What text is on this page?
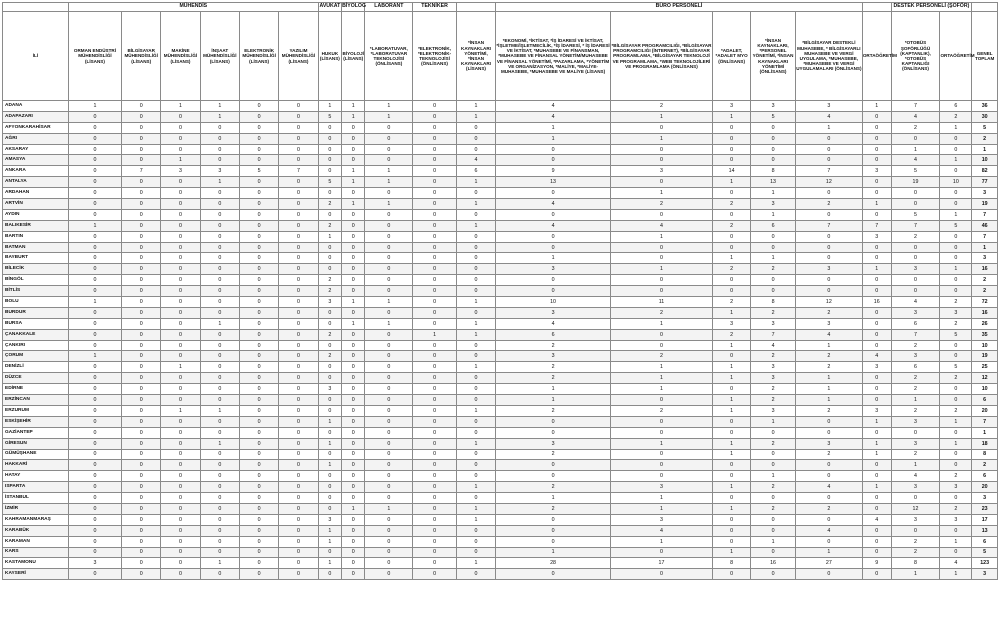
	MÜHENDİS						AVUKAT	BİYOLOG	LABORANT	TEKNİKER		BÜRO PERSONELİ						DESTEK PERSONELİ (ŞOFÖR)		
İLİ	ORMAN ENDÜSTRİ MÜHENDİSLİĞİ (LİSANS)	BİLGİSAYAR MÜHENDİSLİĞİ (LİSANS)	MAKİNE MÜHENDİSLİĞİ (LİSANS)	İNŞAAT MÜHENDİSLİĞİ (LİSANS)	ELEKTRONİK MÜHENDİSLİĞİ (LİSANS)	YAZILIM MÜHENDİSLİĞİ (LİSANS)	HUKUK (LİSANS)	BİYOLOJİ (LİSANS)	*LABORATUVAR, *LABORATUVAR TEKNOLOJİSİ (ÖNLİSANS)	*ELEKTRONİK, *ELEKTRONİK-TEKNOLOJİSİ (ÖNLİSANS)	*İNSAN KAYNAKLARI YÖNETİMİ, *İNSAN KAYNAKLARI (LİSANS)	*EKONOMİ, *İKTİSAT, *İŞ İDARESİ VE İKTİSAT, *İŞLETME/İŞLETMECİLİK, *İŞ İDARESİ, * İŞ İDARESİ VE İKTİSAT, *MUHASEBE VE FİNANSMAN, *MUHASEBE VE FİNANSAL YÖNETİM/MUHASEBE VE FİNANSAL YÖNETİMİ, *PAZARLAMA, *YÖNETİM VE ORGANİZASYON, *MALİYE, *MALİYE-MUHASEBE, *MUHASEBE VE MALİYE (LİSANS)	*BİLGİSAYAR PROGRAMCILIĞI, *BİLGİSAYAR PROGRAMCILIĞI (İNTERNET), *BİLGİSAYAR PROGRAMLAMA, *BİLGİSAYAR TEKNOLOJİ VE PROGRAMLAMA, *WEB TEKNOLOJİLERİ VE PROGRAMLAMA (ÖNLİSANS)	*ADALET, *ADALET MYO (ÖNLİSANS)	*İNSAN KAYNAKLARI, *PERSONEL YÖNETİMİ, *İNSAN KAYNAKLARI YÖNETİMİ (ÖNLİSANS)	*BİLGİSAYAR DESTEKLİ MUHASEBE, * BİLGİSAYARLI MUHASEBE VE VERGİ UYGULAMA, *MUHASEBE, *MUHASEBE VE VERGİ UYGULAMALARI (ÖNLİSANS)	ORTAÖĞRETİM	*OTOBÜS ŞOFÖRLÜĞÜ (KAPTANLIK), *OTOBÜS KAPTANLIĞI (ÖNLİSANS)	ORTAÖĞRETİM	GENEL TOPLAM
ADANA	1	0	1	1	0	0	1	1	1	0	1	4	2	3	3	3	1	7	6	36
ADAPAZARI	0	0	0	1	0	0	5	1	1	0	1	4	1	1	5	4	0	4	2	30
AFYONKARAHİSAR	0	0	0	0	0	0	0	0	0	0	0	1	0	0	0	1	0	2	1	5
AĞRI	0	0	0	0	0	0	0	0	0	0	0	1	1	0	0	0	0	0	0	2
AKSARAY	0	0	0	0	0	0	0	0	0	0	0	0	0	0	0	0	0	1	0	1
AMASYA	0	0	1	0	0	0	0	0	0	0	4	0	0	0	0	0	0	4	1	10
ANKARA	0	7	3	3	5	7	0	1	1	0	6	9	3	14	8	7	3	5	0	82
ANTALYA	0	0	0	1	0	0	5	1	1	0	1	13	0	1	13	12	0	19	10	77
ARDAHAN	0	0	0	0	0	0	0	0	0	0	0	0	1	0	1	0	0	0	0	3
ARTVİN	0	0	0	0	0	0	2	1	1	0	1	4	2	2	3	2	1	0	0	19
AYDIN	0	0	0	0	0	0	0	0	0	0	0	0	0	0	1	0	0	5	1	7
BALIKESİR	1	0	0	0	0	0	2	0	0	0	1	4	4	2	6	7	7	7	5	46
BARTIN	0	0	0	0	0	0	1	0	0	0	0	0	1	0	0	0	3	2	0	7
BATMAN	0	0	0	0	0	0	0	0	0	0	0	0	0	0	0	0	0	0	0	1
BAYBURT	0	0	0	0	0	0	0	0	0	0	0	1	0	1	1	0	0	0	0	3
BİLECİK	0	0	0	0	0	0	0	0	0	0	0	3	1	2	2	3	1	3	1	16
BİNGÖL	0	0	0	0	0	0	2	0	0	0	0	0	0	0	0	0	0	0	0	2
BİTLİS	0	0	0	0	0	0	2	0	0	0	0	0	0	0	0	0	0	0	0	2
BOLU	1	0	0	0	0	0	3	1	1	0	1	10	11	2	8	12	16	4	2	72
BURDUR	0	0	0	0	0	0	0	0	0	0	0	3	2	1	2	2	0	3	3	16
BURSA	0	0	0	1	0	0	0	1	1	0	1	4	1	3	3	3	0	6	2	26
ÇANAKKALE	0	0	0	0	0	0	2	0	0	1	1	6	0	2	7	4	0	7	5	35
ÇANKIRI	0	0	0	0	0	0	0	0	0	0	0	2	0	1	4	1	0	2	0	10
ÇORUM	1	0	0	0	0	0	2	0	0	0	0	3	2	0	2	2	4	3	0	19
DENİZLİ	0	0	1	0	0	0	0	0	0	0	1	2	1	1	3	2	3	6	5	25
DÜZCE	0	0	0	0	0	0	0	0	0	0	0	2	1	1	3	1	0	2	2	12
EDİRNE	0	0	0	0	0	0	3	0	0	0	0	1	1	0	2	1	0	2	0	10
ERZİNCAN	0	0	0	0	0	0	0	0	0	0	0	1	0	1	2	1	0	1	0	6
ERZURUM	0	0	1	1	0	0	0	0	0	0	1	2	2	1	3	2	3	2	2	20
ESKİŞEHİR	0	0	0	0	0	0	1	0	0	0	0	0	0	0	1	0	1	3	1	7
GAZİANTEP	0	0	0	0	0	0	0	0	0	0	0	0	0	0	0	0	0	0	0	1
GİRESUN	0	0	0	1	0	0	1	0	0	0	1	3	1	1	2	3	1	3	1	18
GÜMÜŞHANE	0	0	0	0	0	0	0	0	0	0	0	2	0	1	0	2	1	2	0	8
HAKKARİ	0	0	0	0	0	0	1	0	0	0	0	0	0	0	0	0	0	1	0	2
HATAY	0	0	0	0	0	0	0	0	0	0	0	0	0	0	1	0	0	4	2	6
ISPARTA	0	0	0	0	0	0	0	0	0	0	1	2	3	1	2	4	1	3	3	20
İSTANBUL	0	0	0	0	0	0	0	0	0	0	0	1	1	0	0	0	0	0	0	3
İZMİR	0	0	0	0	0	0	0	1	1	0	1	2	1	1	2	2	0	12	2	23
KAHRAMANMARAŞ	0	0	0	0	0	0	3	0	0	0	1	0	3	0	0	0	4	3	3	17
KARABÜK	0	0	0	0	0	0	1	0	0	0	0	0	4	0	0	4	0	0	0	13
KARAMAN	0	0	0	0	0	0	1	0	0	0	0	0	1	0	1	0	0	2	1	6
KARS	0	0	0	0	0	0	0	0	0	0	0	1	0	1	0	1	0	2	0	5
KASTAMONU	3	0	0	1	0	0	1	0	0	0	1	28	17	8	16	27	9	8	4	123
KAYSERİ	0	0	0	0	0	0	0	0	0	0	0	0	0	0	0	0	0	1	1	3
